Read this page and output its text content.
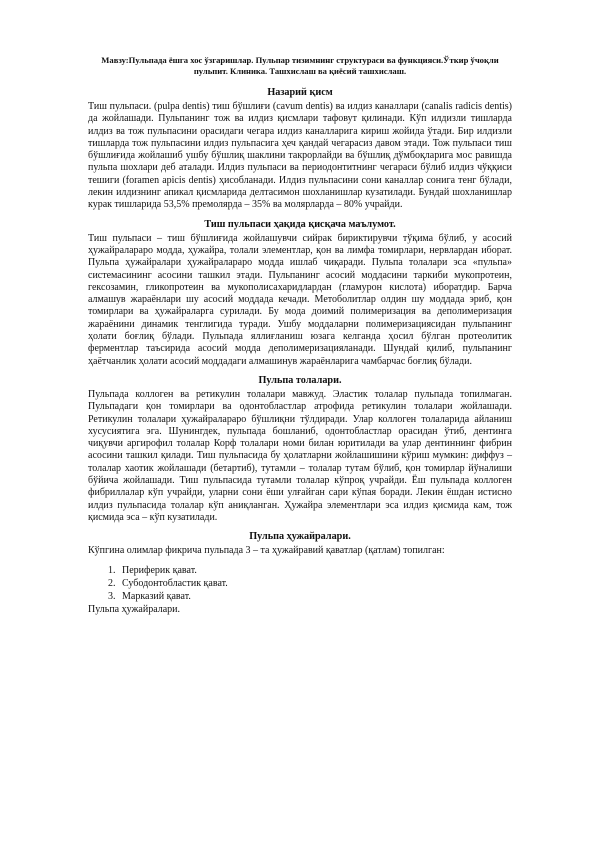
Мавзу:Пульпада ёшга хос ўзгаришлар. Пульпар тизимнинг структураси ва функцияси.Ўткир ўчоқли пульпит. Клиника. Ташхислаш ва қиёсий ташхислаш.

Назарий қисм

Тиш пульпаси. (pulpa dentis) тиш бўшлиғи (cavum dentis) ва илдиз каналлари (canalis radicis dentis) да жойлашади. Пульпанинг тож ва илдиз қисмлари тафовут қилинади. Кўп илдизли тишларда илдиз ва тож пульпасини орасидаги чегара илдиз каналларига кириш жойида ўтади. Бир илдизли тишларда тож пульпасини илдиз пульпасига ҳеч қандай чегарасиз давом этади. Тож пульпаси тиш бўшлиғида жойлашиб ушбу бўшлиқ шаклини такрорлайди ва бўшлиқ дўмбоқларига мос равишда пульпа шохлари деб аталади. Илдиз пульпаси ва периодонтитнинг чегараси бўлиб илдиз чўққиси тешиги (foramen apicis dentis) ҳисобланади. Илдиз пульпасини сони каналлар сонига тенг бўлади, лекин илдизнинг апикал қисмларида делтасимон шохланишлар кузатилади. Бундай шохланишлар курак тишларида 53,5% премолярда – 35% ва молярларда – 80% учрайди.

Тиш пульпаси ҳақида қисқача маълумот.

Тиш пульпаси – тиш бўшлиғида жойлашувчи сийрак бириктирувчи тўқима бўлиб, у асосий ҳужайралараро модда, ҳужайра, толали элементлар, қон ва лимфа томирлари, нервлардан иборат. Пульпа ҳужайралари ҳужайралараро модда ишлаб чиқаради. Пульпа толалари эса «пульпа» системасининг асосини ташкил этади. Пульпанинг асосий моддасини таркиби мукопротеин, гексозамин, гликопротеин ва мукополисахаридлардан (гламурон кислота) иборатдир. Барча алмашув жараёнлари шу асосий моддада кечади. Метоболитлар олдин шу моддада эриб, қон томирлари ва ҳужайраларга сурилади. Бу мода доимий полимеризация ва деполимеризация жараёнини динамик тенглигида туради. Ушбу моддаларни полимеризациясидан пульпанинг ҳолати боғлиқ бўлади. Пульпада яллиғланиш юзага келганда ҳосил бўлган протеолитик ферментлар таъсирида асосий модда деполимеризацияланади. Шундай қилиб, пульпанинг ҳаётчанлик ҳолати асосий моддадаги алмашинув жараёнларига чамбарчас боғлиқ бўлади.

Пульпа толалари.

Пульпада коллоген ва ретикулин толалари мавжуд. Эластик толалар пульпада топилмаган. Пульпадаги қон томирлари ва одонтобластлар атрофида ретикулин толалари жойлашади. Ретикулин толалари ҳужайралараро бўшлиқни тўлдиради. Улар коллоген толаларида айланиш хусусиятига эга. Шунингдек, пульпада бошланиб, одонтобластлар орасидан ўтиб, дентинга чиқувчи аргирофил толалар Корф толалари номи билан юритилади ва улар дентиннинг фибрин асосини ташкил қилади. Тиш пульпасида бу ҳолатларни жойлашишини кўриш мумкин: диффуз – толалар хаотик жойлашади (бетартиб), тутамли – толалар тутам бўлиб, қон томирлар йўналиши бўйича жойлашади. Тиш пульпасида тутамли толалар кўпроқ учрайди. Ёш пульпада коллоген фибриллалар кўп учрайди, уларни сони ёши улғайган сари кўпая боради. Лекин ёшдан истисно илдиз пульпасида толалар кўп аниқланган. Ҳужайра элементлари эса илдиз қисмида кам, тож қисмида эса – кўп кузатилади.

Пульпа ҳужайралари.

Кўпгина олимлар фикрича пульпада 3 – та ҳужайравий қаватлар (қатлам) топилган:

1. Периферик қават.
2. Субодонтобластик қават.
3. Марказий қават.

Пульпа ҳужайралари.
